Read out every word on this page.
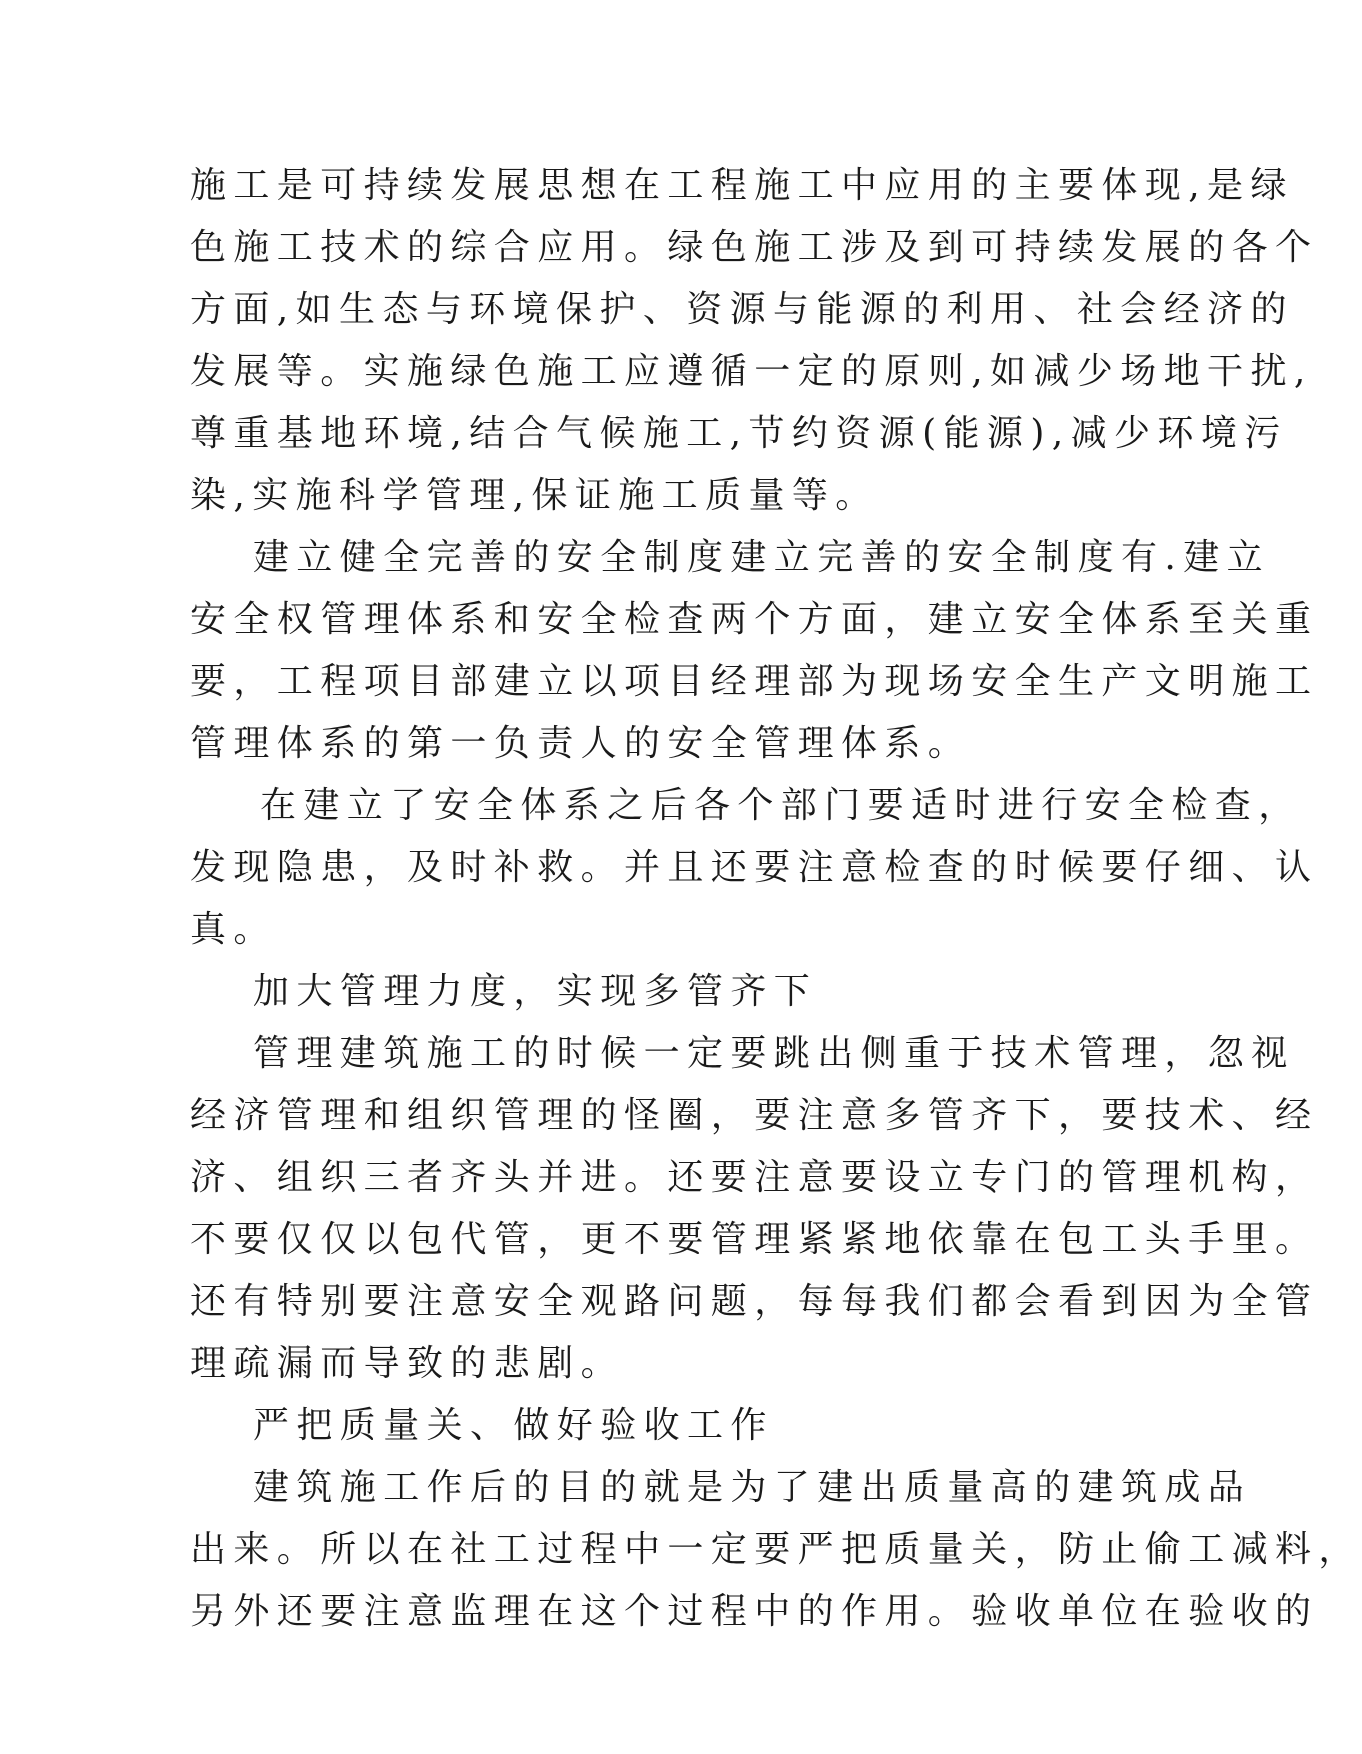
施工是可持续发展思想在工程施工中应用的主要体现,是绿
色施工技术的综合应用。绿色施工涉及到可持续发展的各个
方面,如生态与环境保护、资源与能源的利用、社会经济的
发展等。实施绿色施工应遵循一定的原则,如减少场地干扰,
尊重基地环境,结合气候施工,节约资源(能源),减少环境污
染,实施科学管理,保证施工质量等。
建立健全完善的安全制度建立完善的安全制度有.建立
安全权管理体系和安全检查两个方面，建立安全体系至关重
要，工程项目部建立以项目经理部为现场安全生产文明施工
管理体系的第一负责人的安全管理体系。
在建立了安全体系之后各个部门要适时进行安全检查，
发现隐患，及时补救。并且还要注意检查的时候要仔细、认
真。
加大管理力度，实现多管齐下
管理建筑施工的时候一定要跳出侧重于技术管理，忽视
经济管理和组织管理的怪圈，要注意多管齐下，要技术、经
济、组织三者齐头并进。还要注意要设立专门的管理机构，
不要仅仅以包代管，更不要管理紧紧地依靠在包工头手里。
还有特别要注意安全观路问题，每每我们都会看到因为全管
理疏漏而导致的悲剧。
严把质量关、做好验收工作
建筑施工作后的目的就是为了建出质量高的建筑成品
出来。所以在社工过程中一定要严把质量关，防止偷工减料，
另外还要注意监理在这个过程中的作用。验收单位在验收的
